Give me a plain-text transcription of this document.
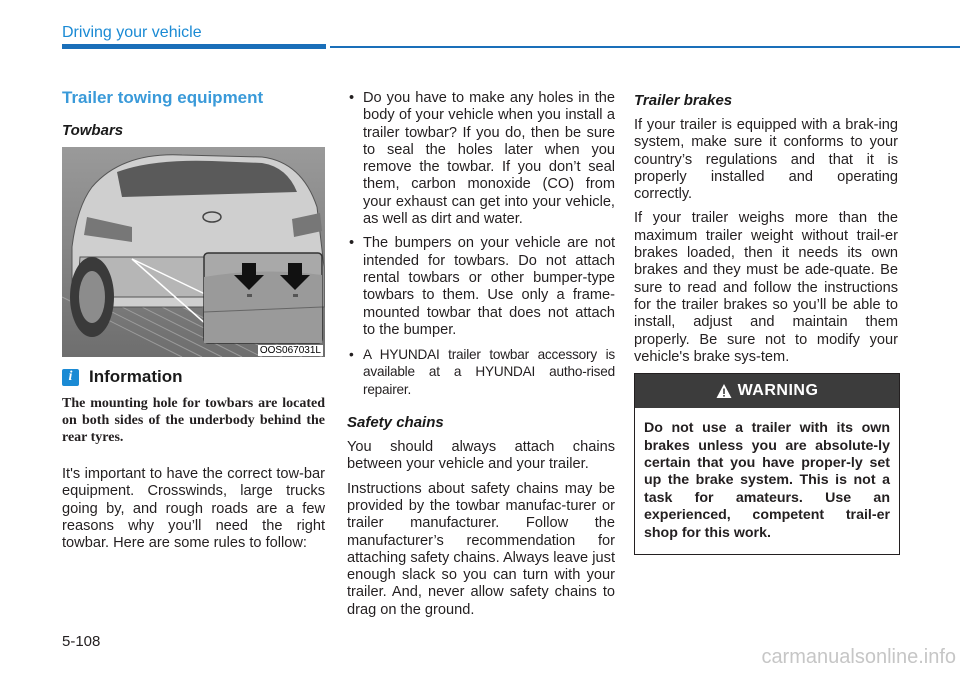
Driving your vehicle
Trailer towing equipment
Towbars
OOS067031L
i Information

The mounting hole for towbars are located on both sides of the underbody behind the rear tyres.

It's important to have the correct tow-bar equipment. Crosswinds, large trucks going by, and rough roads are a few reasons why you’ll need the right towbar. Here are some rules to follow:

• Do you have to make any holes in the body of your vehicle when you install a trailer towbar? If you do, then be sure to seal the holes later when you remove the towbar. If you don’t seal them, carbon monoxide (CO) from your exhaust can get into your vehicle, as well as dirt and water.
• The bumpers on your vehicle are not intended for towbars. Do not attach rental towbars or other bumper-type towbars to them. Use only a frame-mounted towbar that does not attach to the bumper.
• A HYUNDAI trailer towbar accessory is available at a HYUNDAI autho-rised repairer.
Safety chains

You should always attach chains between your vehicle and your trailer.

Instructions about safety chains may be provided by the towbar manufac-turer or trailer manufacturer. Follow the manufacturer’s recommendation for attaching safety chains. Always leave just enough slack so you can turn with your trailer. And, never allow safety chains to drag on the ground.

Trailer brakes

If your trailer is equipped with a brak-ing system, make sure it conforms to your country’s regulations and that it is properly installed and operating correctly.

If your trailer weighs more than the maximum trailer weight without trail-er brakes loaded, then it needs its own brakes and they must be ade-quate. Be sure to read and follow the instructions for the trailer brakes so you’ll be able to install, adjust and maintain them properly. Be sure not to modify your vehicle's brake sys-tem.

WARNING
Do not use a trailer with its own brakes unless you are absolute-ly certain that you have proper-ly set up the brake system. This is not a task for amateurs. Use an experienced, competent trail-er shop for this work.
5-108
carmanualsonline.info
